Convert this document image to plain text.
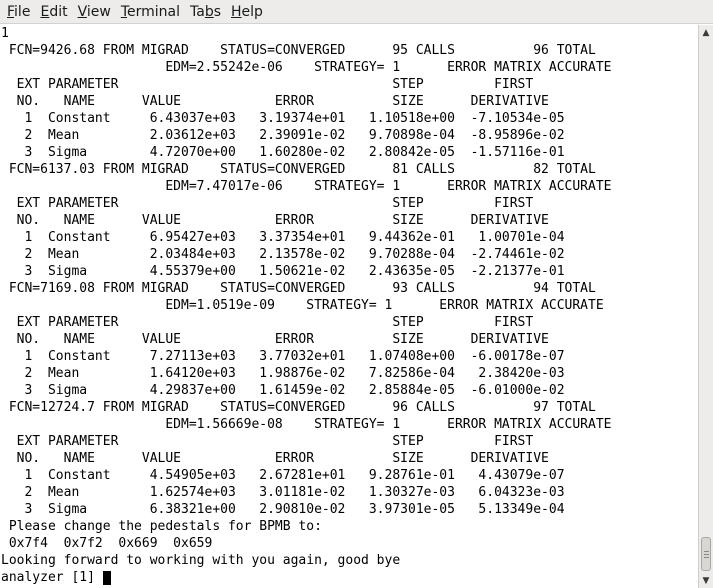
File Edit View Terminal Tabs Help
1
FCN=9426.68 FROM MIGRAD    STATUS=CONVERGED      95 CALLS          96 TOTAL
EDM=2.55242e-06    STRATEGY= 1      ERROR MATRIX ACCURATE
EXT PARAMETER                                   STEP         FIRST
NO.   NAME      VALUE            ERROR          SIZE      DERIVATIVE
1  Constant     6.43037e+03   3.19374e+01   1.10518e+00  -7.10534e-05
2  Mean         2.03612e+03   2.39091e-02   9.70898e-04  -8.95896e-02
3  Sigma        4.72070e+00   1.60280e-02   2.80842e-05  -1.57116e-01
FCN=6137.03 FROM MIGRAD    STATUS=CONVERGED      81 CALLS          82 TOTAL
EDM=7.47017e-06    STRATEGY= 1      ERROR MATRIX ACCURATE
EXT PARAMETER                                   STEP         FIRST
NO.   NAME      VALUE            ERROR          SIZE      DERIVATIVE
1  Constant     6.95427e+03   3.37354e+01   9.44362e-01   1.00701e-04
2  Mean         2.03484e+03   2.13578e-02   9.70288e-04  -2.74461e-02
3  Sigma        4.55379e+00   1.50621e-02   2.43635e-05  -2.21377e-01
FCN=7169.08 FROM MIGRAD    STATUS=CONVERGED      93 CALLS          94 TOTAL
EDM=1.0519e-09    STRATEGY= 1      ERROR MATRIX ACCURATE
EXT PARAMETER                                   STEP         FIRST
NO.   NAME      VALUE            ERROR          SIZE      DERIVATIVE
1  Constant     7.27113e+03   3.77032e+01   1.07408e+00  -6.00178e-07
2  Mean         1.64120e+03   1.98876e-02   7.82586e-04   2.38420e-03
3  Sigma        4.29837e+00   1.61459e-02   2.85884e-05  -6.01000e-02
FCN=12724.7 FROM MIGRAD    STATUS=CONVERGED      96 CALLS          97 TOTAL
EDM=1.56669e-08    STRATEGY= 1      ERROR MATRIX ACCURATE
EXT PARAMETER                                   STEP         FIRST
NO.   NAME      VALUE            ERROR          SIZE      DERIVATIVE
1  Constant     4.54905e+03   2.67281e+01   9.28761e-01   4.43079e-07
2  Mean         1.62574e+03   3.01181e-02   1.30327e-03   6.04323e-03
3  Sigma        6.38321e+00   2.90810e-02   3.97301e-05   5.13349e-04
Please change the pedestals for BPMB to:
0x7f4  0x7f2  0x669  0x659
Looking forward to working with you again, good bye
analyzer [1]
▲
▼
